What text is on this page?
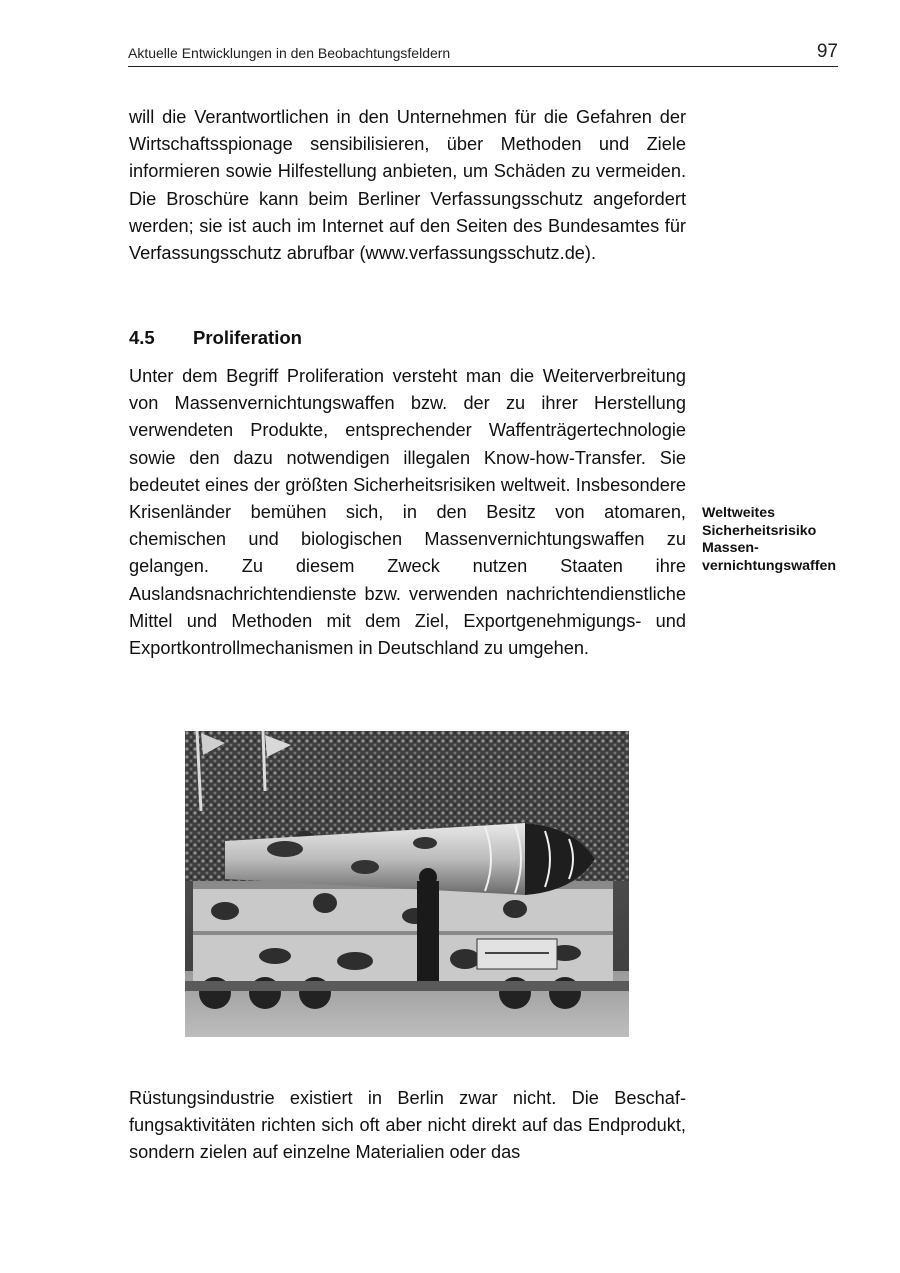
Aktuelle Entwicklungen in den Beobachtungsfeldern	97

will die Verantwortlichen in den Unternehmen für die Gefahren der Wirtschaftsspionage sensibilisieren, über Methoden und Ziele informieren sowie Hilfestellung anbieten, um Schäden zu vermeiden. Die Broschüre kann beim Berliner Verfassungsschutz angefordert werden; sie ist auch im Internet auf den Seiten des Bundesamtes für Verfassungsschutz abrufbar (www.verfassungsschutz.de).

4.5 Proliferation

Unter dem Begriff Proliferation versteht man die Weiterverbreitung von Massenvernichtungswaffen bzw. der zu ihrer Herstellung verwendeten Produkte, entsprechender Waffenträgertechnologie sowie den dazu notwendigen illegalen Know-how-Transfer. Sie bedeutet eines der größten Sicherheitsrisiken weltweit. Insbesondere Krisenländer bemühen sich, in den Besitz von atomaren, chemischen und biologischen Massenvernichtungswaffen zu gelangen. Zu diesem Zweck nutzen Staaten ihre Auslandsnachrichtendienste bzw. verwenden nachrichtendienstliche Mittel und Methoden mit dem Ziel, Exportgenehmigungs- und Exportkontrollmechanismen in Deutschland zu umgehen.

Weltweites
Sicherheitsrisiko
Massen-
vernichtungswaffen

Rüstungsindustrie existiert in Berlin zwar nicht. Die Beschaffungsaktivitäten richten sich oft aber nicht direkt auf das Endprodukt, sondern zielen auf einzelne Materialien oder das
